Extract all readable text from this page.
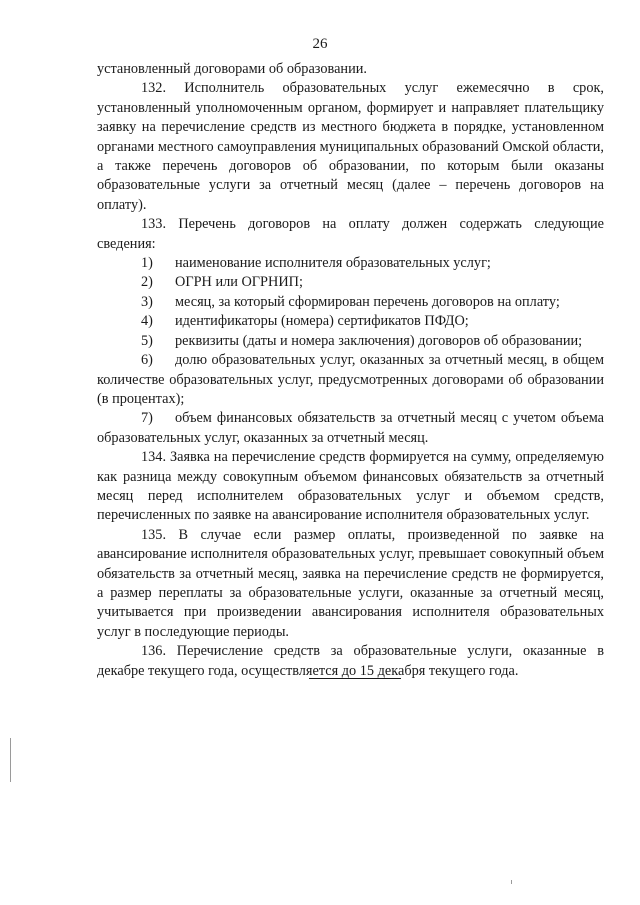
26

установленный договорами об образовании.

132. Исполнитель образовательных услуг ежемесячно в срок, установленный уполномоченным органом, формирует и направляет плательщику заявку на перечисление средств из местного бюджета в порядке, установленном органами местного самоуправления муниципальных образований Омской области, а также перечень договоров об образовании, по которым были оказаны образовательные услуги за отчетный месяц (далее – перечень договоров на оплату).

133. Перечень договоров на оплату должен содержать следующие сведения:

1)	наименование исполнителя образовательных услуг;
2)	ОГРН или ОГРНИП;
3)	месяц, за который сформирован перечень договоров на оплату;
4)	идентификаторы (номера) сертификатов ПФДО;

5) реквизиты (даты и номера заключения) договоров об образовании;

6) долю образовательных услуг, оказанных за отчетный месяц, в общем количестве образовательных услуг, предусмотренных договорами об образовании (в процентах);

7) объем финансовых обязательств за отчетный месяц с учетом объема образовательных услуг, оказанных за отчетный месяц.

134. Заявка на перечисление средств формируется на сумму, определяемую как разница между совокупным объемом финансовых обязательств за отчетный месяц перед исполнителем образовательных услуг и объемом средств, перечисленных по заявке на авансирование исполнителя образовательных услуг.

135. В случае если размер оплаты, произведенной по заявке на авансирование исполнителя образовательных услуг, превышает совокупный объем обязательств за отчетный месяц, заявка на перечисление средств не формируется, а размер переплаты за образовательные услуги, оказанные за отчетный месяц, учитывается при произведении авансирования исполнителя образовательных услуг в последующие периоды.

136. Перечисление средств за образовательные услуги, оказанные в декабре текущего года, осуществляется до 15 декабря текущего года.
